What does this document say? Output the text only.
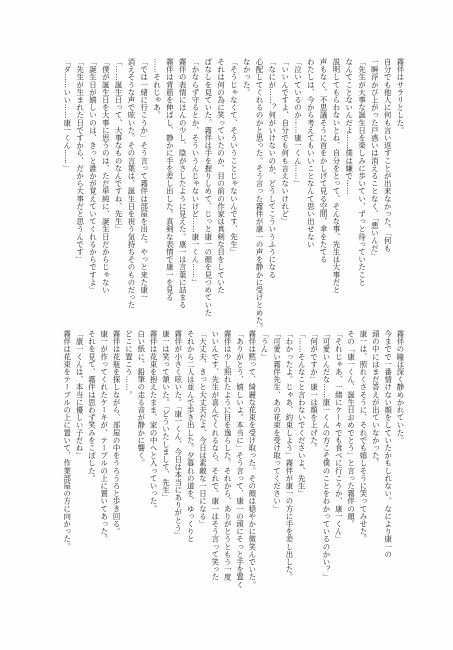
霧伴はサラリとした。

自分でも他人に何も言い返すことが出来なかった。「何も

一瞬浮かび上がった戸惑いは消えることなく、「悪いんだ」

「先生が大事な誕生日を楽しみに歩いてい、ずっと待っていたこと

なんてことないんだよ……僕は嫌で……

説明してもらわないとね、自分をとって、そんな事、先生は大事だと

声もなく、不思議そうに首をかしげて見る空間、傘をたてる

わたしは、今から考えてもいいことなんて思い出せない

「泣いているのか……康一くん……」

「いいんですよ、自分でも何も言えないけれど」

「なにが……？何がいけないのか、どうしてこういうふうになる

心配してくれるのかと思った。そう言った霧伴が康一の声を静かに受けとめた。

なかった。

「そうじゃなくて、そういうことじゃないんです、先生」

それは何の為に笑っていたのか。目の前の作家は真剣な目をしていた

ぱなしを見ていた。霧伴は手を握りしめて、じっと康一の顔を見つめていた

「かならず守るとか、そういうんじゃないけど……康一くん……」

霧伴の表情にほんの少し、陰がさしたように見えた。康一は言葉に詰まる

霧伴は背筋を伸ばし、静かに手を差し出した。真剣な表情で康一を見る

……それじゃあ。

「では一緒に行こうか」そう言って霧伴は部屋を出た。やっと来た康一

消えそうな声で呟いた。その言葉は、誕生日を祝う気持ちそのものだった

「……誕生日って、大事なものなんですね、先生」

「僕が誕生日を大事に思うのは、ただ単純に、誕生日だからじゃない

「誕生日が嬉しいのは、きっと誰かが覚えていてくれるからですよ」

「先生が生まれた日ですから、だから大事だと思うんです」

「ダ……いい……康一くん……」

霧伴の瞳は深く静めかれていた。

今までで一番情けない顔をしていたかもしれない。なにより康一の

頭の中にはまだ答えが出ていなかった。

康一は、照れくさそうに、それでも嬉しそうに笑ってみせた。

その「康一くん、誕生日おめでとう」と言った霧伴の顔。

「それじゃあ、一緒にケーキでも食べに行こうか、康一くん」

「可愛いんだな……康一くんの方こそ僕のことをわかっているのかい？」

「何がですか」康一は顔を上げた。

「……そんなこと言わないでくださいよ、先生」

「わかったよ。じゃあ、約束しよう」霧伴が康一の方に手を差し出した。

「可愛い霧伴先生、あの花束を受け取ってください」

「うん」

霧伴は黙って、綺麗な花束を受け取った。その顔は穏やかに微笑んでいた。

「ありがとう、嬉しいよ。本当に」そう言って、康一の頭にそっと手を置く

霧伴は少し照れたように目を逸らした。それから、ありがとうともう一度

いいんです、先生が喜んでくれるなら、それで。康一はそう言って笑った

「大丈夫、きっと大丈夫だよ、今日は素敵な一日になる」

それから二人は並んで歩き出した。夕暮れの道を、ゆっくりと

霧伴が小さく呟いた。「康一くん、今日は本当にありがとう」

康一は笑って頷いた。「どういたしまして、先生」

霧伴は花束を抱えたまま、家の中へと入っていった。

白い紙に、鉛筆の走る音が静かに響く。

どこに置こう……。

霧伴は花瓶を探しながら、部屋の中をうろうろと歩き回る。

康一が作ってくれたケーキが、テーブルの上に置いてあった。

それを見て、霧伴は思わず笑みをこぼした。

「康一くんは、本当に優しい子だね」

霧伴は花束をテーブルの上に置いて、作業部屋の方に向かった。
